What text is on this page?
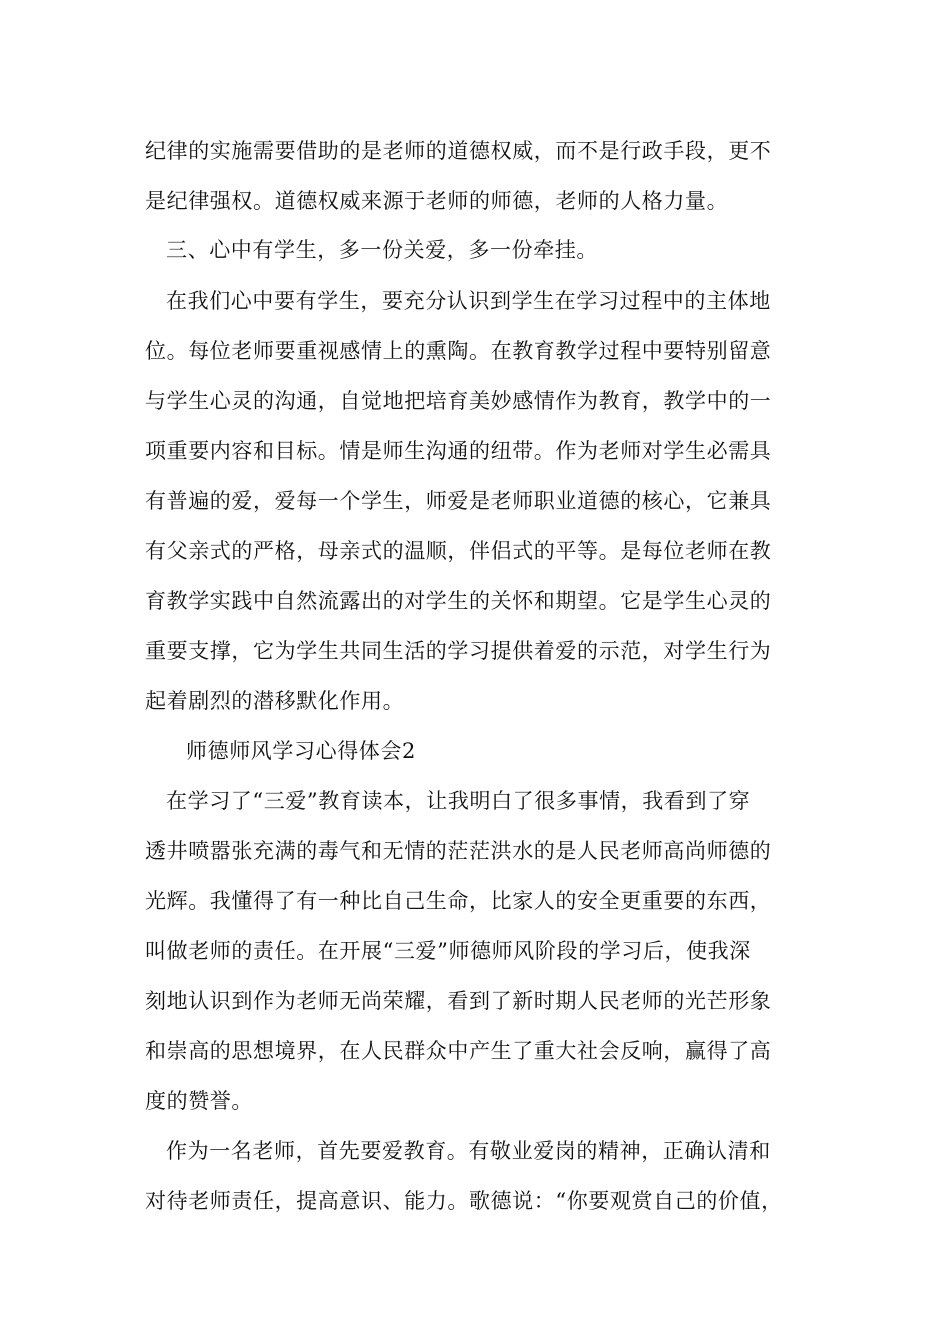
纪律的实施需要借助的是老师的道德权威，而不是行政手段，更不
是纪律强权。道德权威来源于老师的师德，老师的人格力量。
三、心中有学生，多一份关爱，多一份牵挂。
在我们心中要有学生，要充分认识到学生在学习过程中的主体地
位。每位老师要重视感情上的熏陶。在教育教学过程中要特别留意
与学生心灵的沟通，自觉地把培育美妙感情作为教育，教学中的一
项重要内容和目标。情是师生沟通的纽带。作为老师对学生必需具
有普遍的爱，爱每一个学生，师爱是老师职业道德的核心，它兼具
有父亲式的严格，母亲式的温顺，伴侣式的平等。是每位老师在教
育教学实践中自然流露出的对学生的关怀和期望。它是学生心灵的
重要支撑，它为学生共同生活的学习提供着爱的示范，对学生行为
起着剧烈的潜移默化作用。
师德师风学习心得体会2
在学习了“三爱”教育读本，让我明白了很多事情，我看到了穿
透井喷嚣张充满的毒气和无情的茫茫洪水的是人民老师高尚师德的
光辉。我懂得了有一种比自己生命，比家人的安全更重要的东西，
叫做老师的责任。在开展“三爱”师德师风阶段的学习后，使我深
刻地认识到作为老师无尚荣耀，看到了新时期人民老师的光芒形象
和崇高的思想境界，在人民群众中产生了重大社会反响，赢得了高
度的赞誉。
作为一名老师，首先要爱教育。有敬业爱岗的精神，正确认清和
对待老师责任，提高意识、能力。歌德说：“你要观赏自己的价值，
